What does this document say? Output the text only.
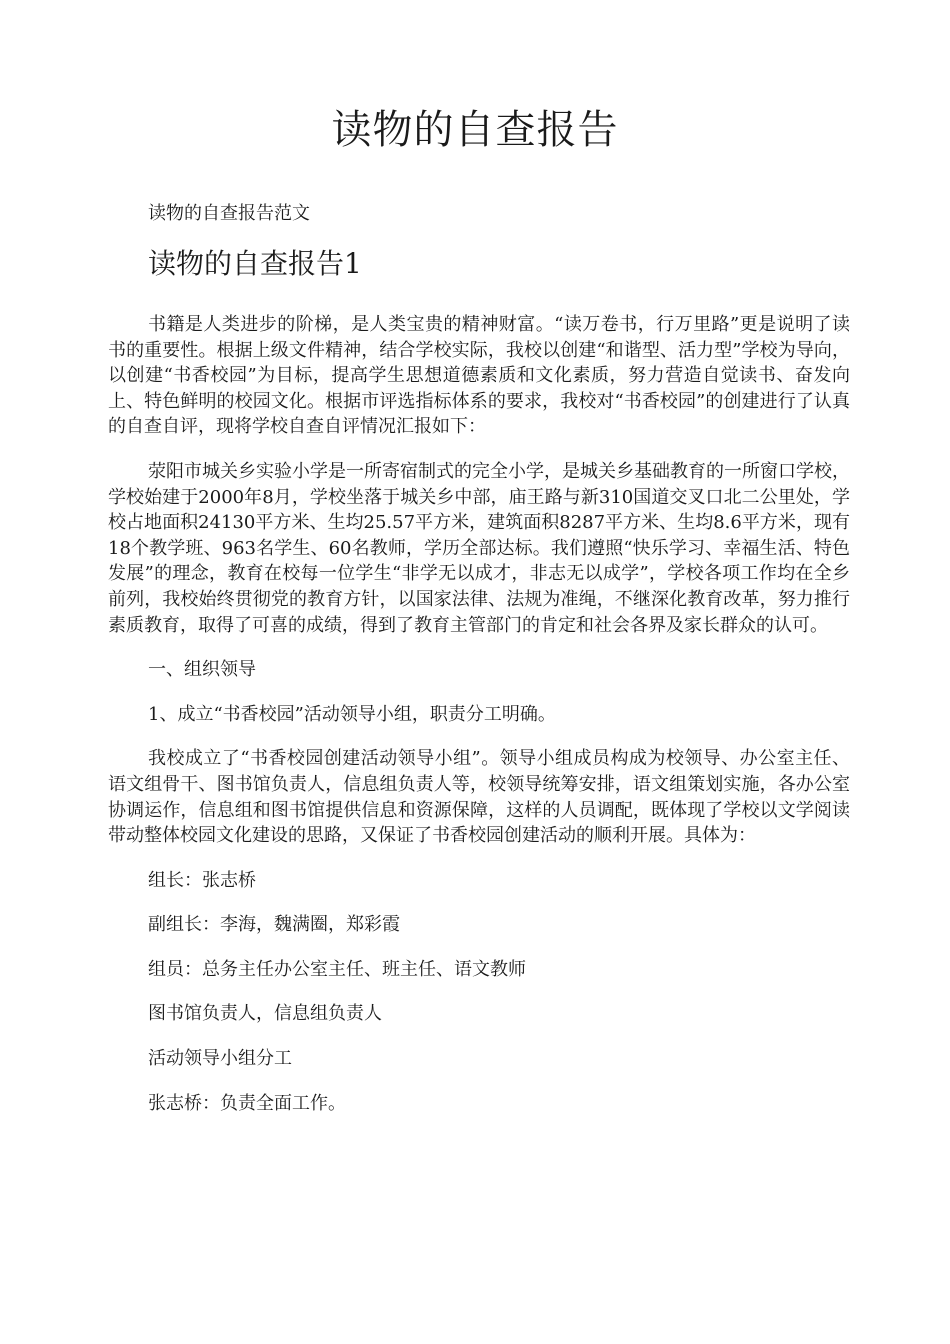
读物的自查报告

读物的自查报告范文

读物的自查报告1

书籍是人类进步的阶梯，是人类宝贵的精神财富。“读万卷书，行万里路”更是说明了读书的重要性。根据上级文件精神，结合学校实际，我校以创建“和谐型、活力型”学校为导向，以创建“书香校园”为目标，提高学生思想道德素质和文化素质，努力营造自觉读书、奋发向上、特色鲜明的校园文化。根据市评选指标体系的要求，我校对“书香校园”的创建进行了认真的自查自评，现将学校自查自评情况汇报如下：

荥阳市城关乡实验小学是一所寄宿制式的完全小学，是城关乡基础教育的一所窗口学校，学校始建于2000年8月，学校坐落于城关乡中部，庙王路与新310国道交叉口北二公里处，学校占地面积24130平方米、生均25.57平方米，建筑面积8287平方米、生均8.6平方米，现有18个教学班、963名学生、60名教师，学历全部达标。我们遵照“快乐学习、幸福生活、特色发展”的理念，教育在校每一位学生“非学无以成才，非志无以成学”，学校各项工作均在全乡前列，我校始终贯彻党的教育方针，以国家法律、法规为准绳，不继深化教育改革，努力推行素质教育，取得了可喜的成绩，得到了教育主管部门的肯定和社会各界及家长群众的认可。

一、组织领导

1、成立“书香校园”活动领导小组，职责分工明确。

我校成立了“书香校园创建活动领导小组”。领导小组成员构成为校领导、办公室主任、语文组骨干、图书馆负责人，信息组负责人等，校领导统筹安排，语文组策划实施，各办公室协调运作，信息组和图书馆提供信息和资源保障，这样的人员调配，既体现了学校以文学阅读带动整体校园文化建设的思路，又保证了书香校园创建活动的顺利开展。具体为：

组长：张志桥

副组长：李海，魏满圈，郑彩霞

组员：总务主任办公室主任、班主任、语文教师

图书馆负责人，信息组负责人

活动领导小组分工

张志桥：负责全面工作。
